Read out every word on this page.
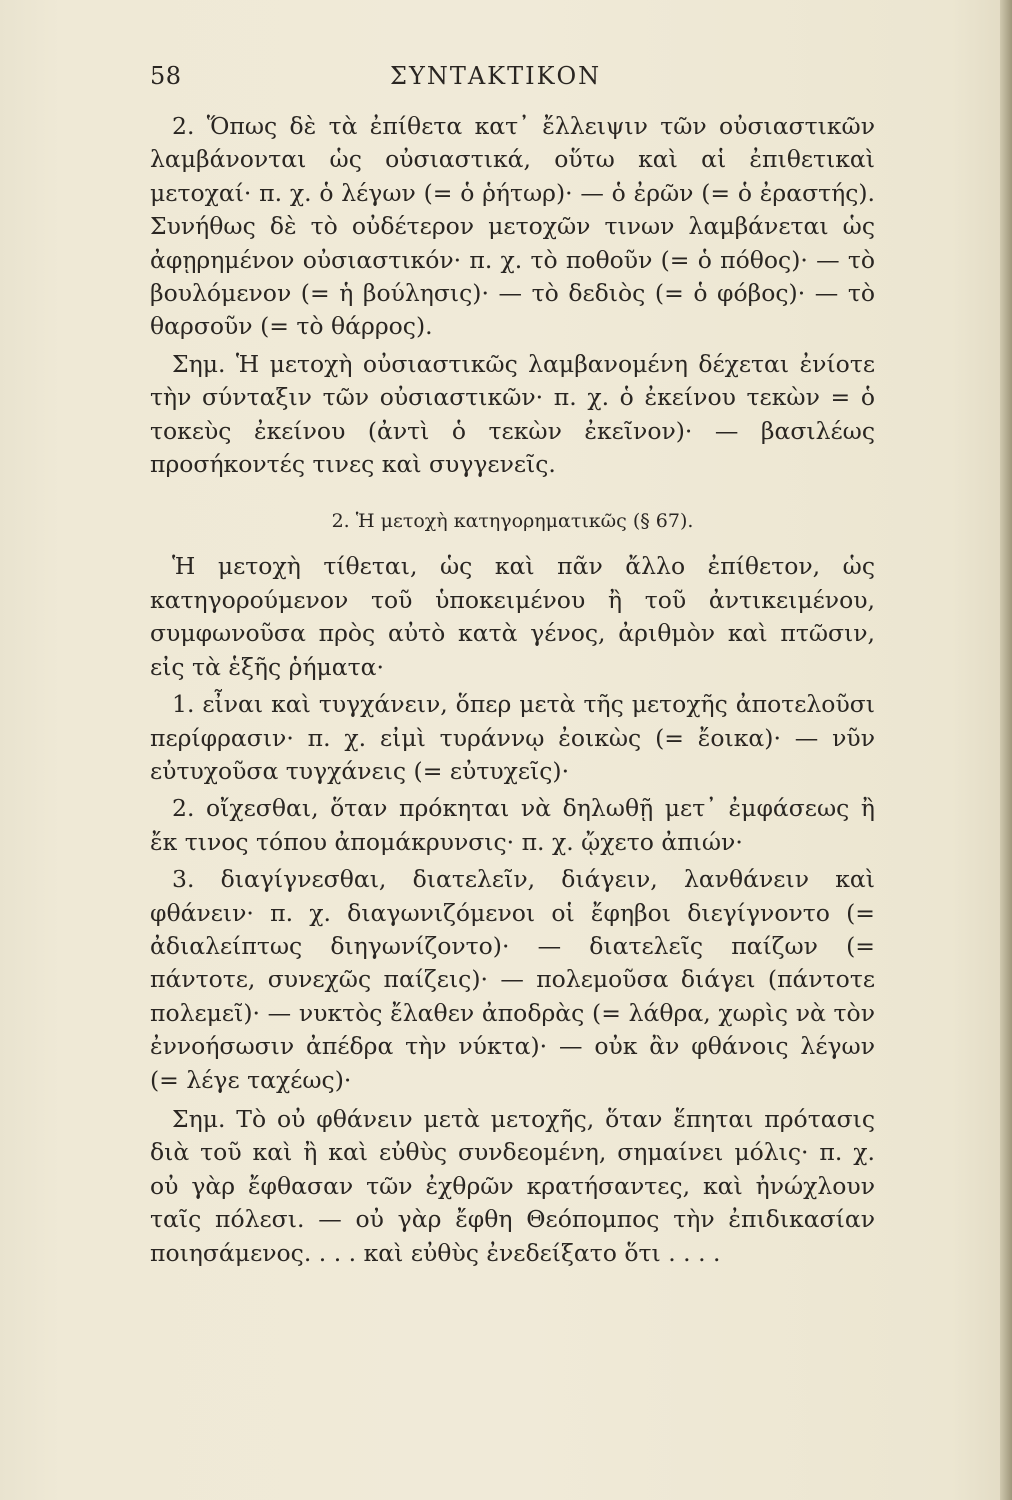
58	ΣΥΝΤΑΚΤΙΚΟΝ

2. Ὅπως δὲ τὰ ἐπίθετα κατ᾽ ἔλλειψιν τῶν οὐσιαστικῶν λαμβάνονται ὡς οὐσιαστικά, οὕτω καὶ αἱ ἐπιθετικαὶ μετοχαί· π. χ. ὁ λέγων (= ὁ ῥήτωρ)· — ὁ ἐρῶν (= ὁ ἐραστής). Συνήθως δὲ τὸ οὐδέτερον μετοχῶν τινων λαμβάνεται ὡς ἀφῃρημένον οὐσιαστικόν· π. χ. τὸ ποθοῦν (= ὁ πόθος)· — τὸ βουλόμενον (= ἡ βούλησις)· — τὸ δεδιὸς (= ὁ φόβος)· — τὸ θαρσοῦν (= τὸ θάρρος).

Σημ. Ἡ μετοχὴ οὐσιαστικῶς λαμβανομένη δέχεται ἐνίοτε τὴν σύνταξιν τῶν οὐσιαστικῶν· π. χ. ὁ ἐκείνου τεκὼν = ὁ τοκεὺς ἐκείνου (ἀντὶ ὁ τεκὼν ἐκεῖνον)· — βασιλέως προσήκοντές τινες καὶ συγγενεῖς.

2. Ἡ μετοχὴ κατηγορηματικῶς (§ 67).

Ἡ μετοχὴ τίθεται, ὡς καὶ πᾶν ἄλλο ἐπίθετον, ὡς κατηγορούμενον τοῦ ὑποκειμένου ἢ τοῦ ἀντικειμένου, συμφωνοῦσα πρὸς αὐτὸ κατὰ γένος, ἀριθμὸν καὶ πτῶσιν, εἰς τὰ ἑξῆς ῥήματα·

1. εἶναι καὶ τυγχάνειν, ὅπερ μετὰ τῆς μετοχῆς ἀποτελοῦσι περίφρασιν· π. χ. εἰμὶ τυράννῳ ἐοικὼς (= ἔοικα)· — νῦν εὐτυχοῦσα τυγχάνεις (= εὐτυχεῖς)·

2. οἴχεσθαι, ὅταν πρόκηται νὰ δηλωθῇ μετ᾽ ἐμφάσεως ἢ ἔκ τινος τόπου ἀπομάκρυνσις· π. χ. ᾤχετο ἀπιών·

3. διαγίγνεσθαι, διατελεῖν, διάγειν, λανθάνειν καὶ φθάνειν· π. χ. διαγωνιζόμενοι οἱ ἔφηβοι διεγίγνοντο (= ἀδιαλείπτως διηγωνίζοντο)· — διατελεῖς παίζων (= πάντοτε, συνεχῶς παίζεις)· — πολεμοῦσα διάγει (πάντοτε πολεμεῖ)· — νυκτὸς ἔλαθεν ἀποδρὰς (= λάθρα, χωρὶς νὰ τὸν ἐννοήσωσιν ἀπέδρα τὴν νύκτα)· — οὐκ ἂν φθάνοις λέγων (= λέγε ταχέως)·

Σημ. Τὸ οὐ φθάνειν μετὰ μετοχῆς, ὅταν ἕπηται πρότασις διὰ τοῦ καὶ ἢ καὶ εὐθὺς συνδεομένη, σημαίνει μόλις· π. χ. οὐ γὰρ ἔφθασαν τῶν ἐχθρῶν κρατήσαντες, καὶ ἠνώχλουν ταῖς πόλεσι. — οὐ γὰρ ἔφθη Θεόπομπος τὴν ἐπιδικασίαν ποιησάμενος. . . . καὶ εὐθὺς ἐνεδείξατο ὅτι . . . .
